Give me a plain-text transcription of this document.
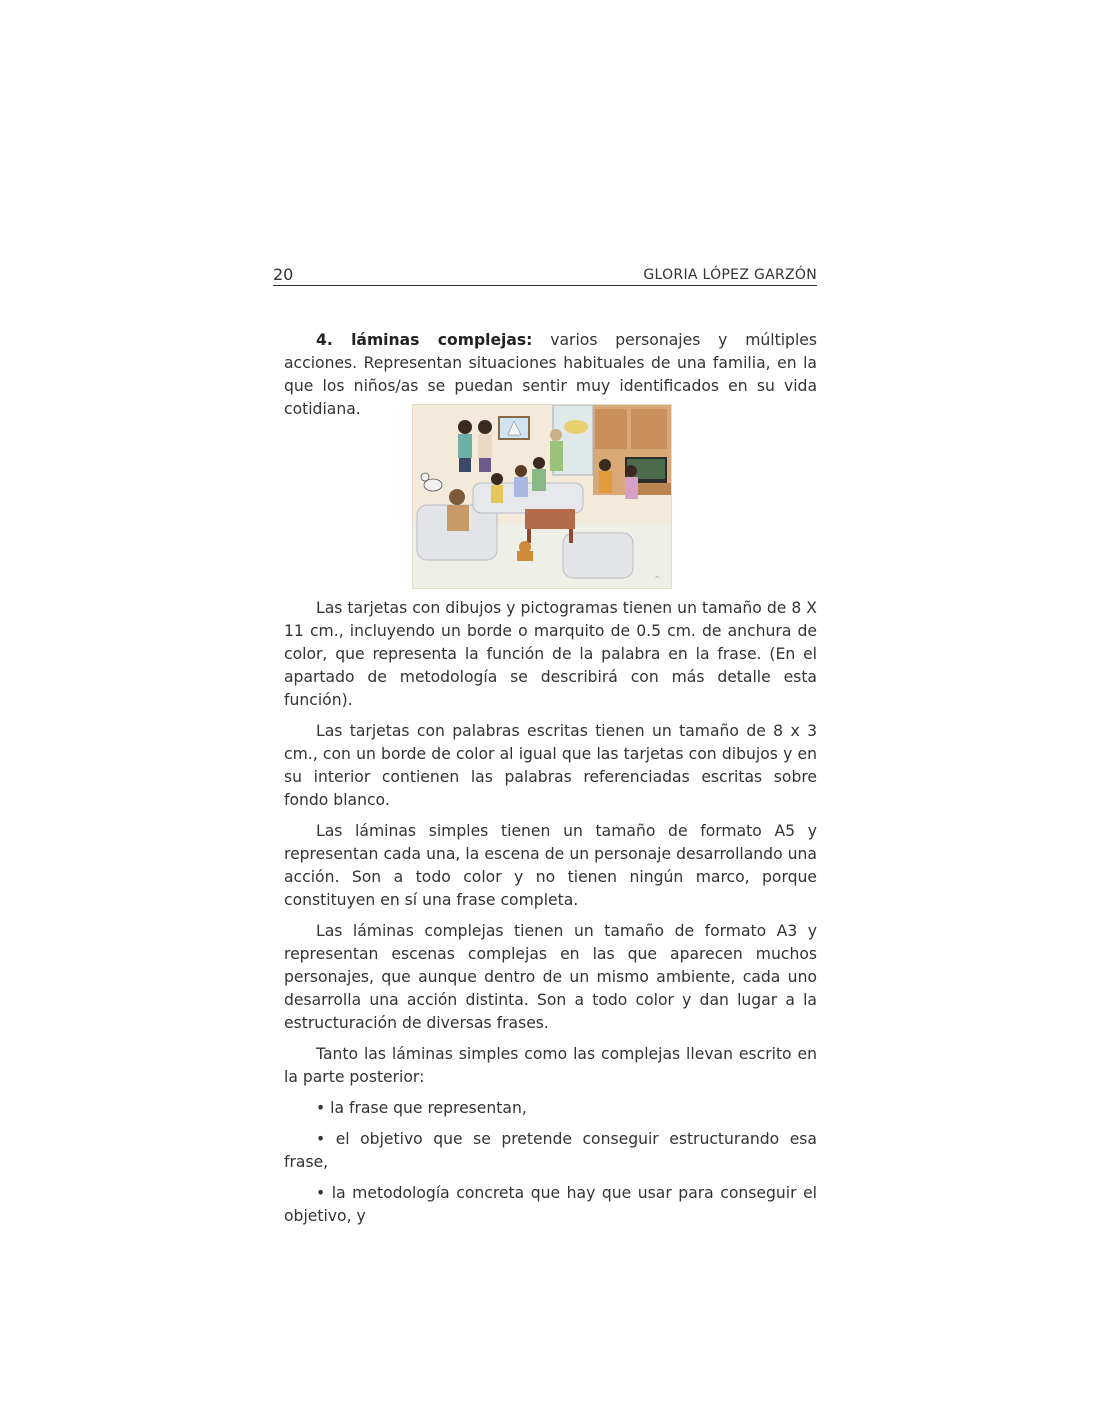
20	GLORIA LÓPEZ GARZÓN

4. láminas complejas: varios personajes y múltiples acciones. Representan situaciones habituales de una familia, en la que los niños/as se puedan sentir muy identificados en su vida cotidiana.

~

Las tarjetas con dibujos y pictogramas tienen un tamaño de 8 X 11 cm., incluyendo un borde o marquito de 0.5 cm. de anchura de color, que representa la función de la palabra en la frase. (En el apartado de metodología se describirá con más detalle esta función).

Las tarjetas con palabras escritas tienen un tamaño de 8 x 3 cm., con un borde de color al igual que las tarjetas con dibujos y en su interior contienen las palabras referenciadas escritas sobre fondo blanco.

Las láminas simples tienen un tamaño de formato A5 y representan cada una, la escena de un personaje desarrollando una acción. Son a todo color y no tienen ningún marco, porque constituyen en sí una frase completa.

Las láminas complejas tienen un tamaño de formato A3 y representan escenas complejas en las que aparecen muchos personajes, que aunque dentro de un mismo ambiente, cada uno desarrolla una acción distinta. Son a todo color y dan lugar a la estructuración de diversas frases.

Tanto las láminas simples como las complejas llevan escrito en la parte posterior:

• la frase que representan,

• el objetivo que se pretende conseguir estructurando esa frase,

• la metodología concreta que hay que usar para conseguir el objetivo, y
